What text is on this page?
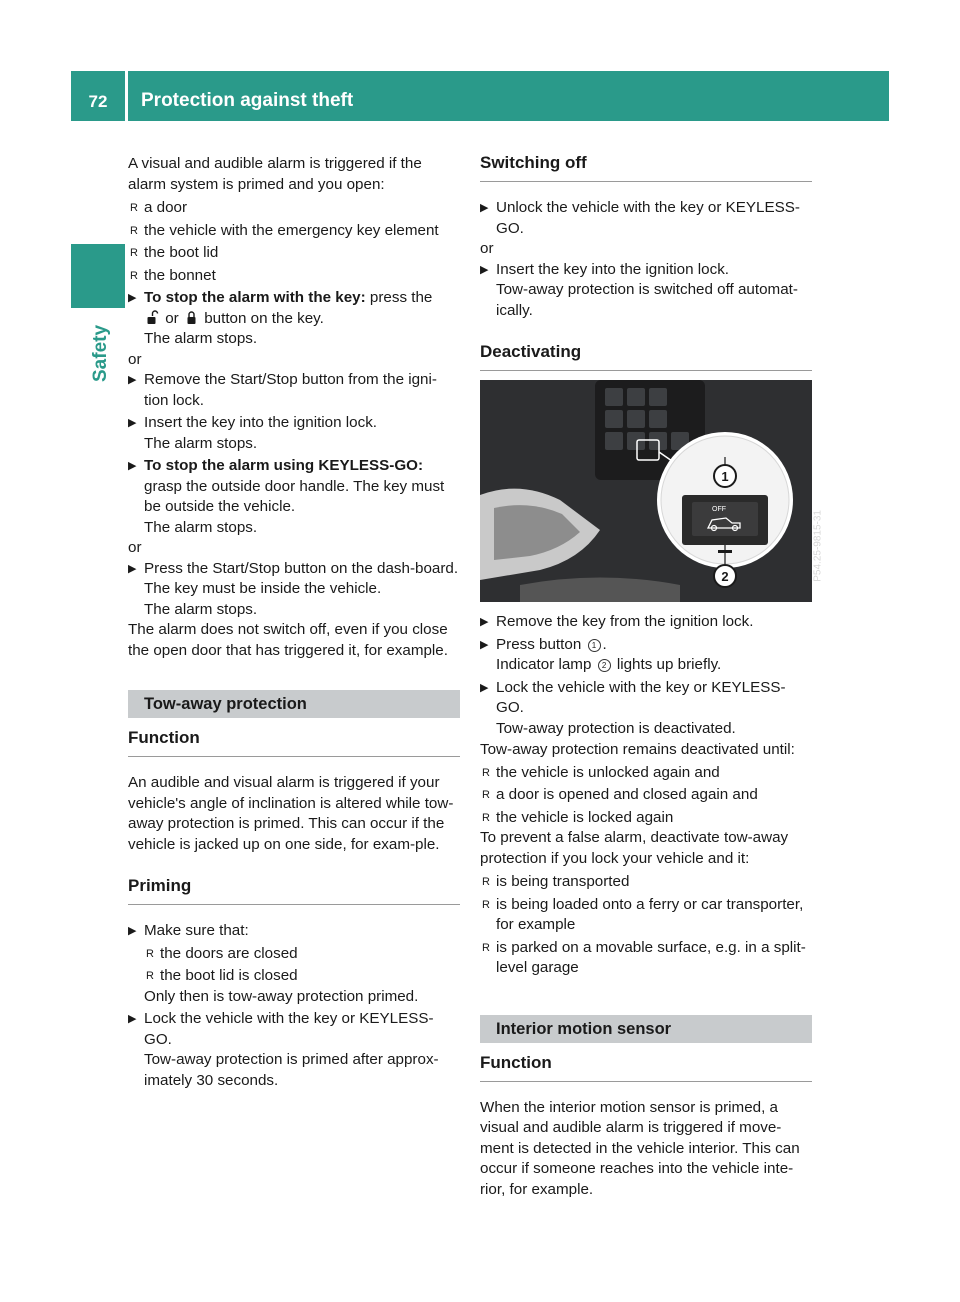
72	Protection against theft
Safety

A visual and audible alarm is triggered if the alarm system is primed and you open:

R a door
R the vehicle with the emergency key element
R the boot lid
R the bonnet
▶ To stop the alarm with the key: press the
or button on the key.
The alarm stops.

or

▶ Remove the Start/Stop button from the igni-tion lock.
▶ Insert the key into the ignition lock.
The alarm stops.
▶ To stop the alarm using KEYLESS-GO:
grasp the outside door handle. The key must be outside the vehicle.
The alarm stops.

or

▶ Press the Start/Stop button on the dash-board. The key must be inside the vehicle.
The alarm stops.

The alarm does not switch off, even if you close the open door that has triggered it, for example.

Tow-away protection
Function

An audible and visual alarm is triggered if your vehicle's angle of inclination is altered while tow-away protection is primed. This can occur if the vehicle is jacked up on one side, for exam-ple.

Priming
▶ Make sure that:
R the doors are closed
R the boot lid is closed
Only then is tow-away protection primed.
▶ Lock the vehicle with the key or KEYLESS-GO.
Tow-away protection is primed after approx-imately 30 seconds.
Switching off
▶ Unlock the vehicle with the key or KEYLESS-GO.

or

▶ Insert the key into the ignition lock.
Tow-away protection is switched off automat-ically.
Deactivating
OFF
1
2	P54.25-9815-31
▶ Remove the key from the ignition lock.
▶ Press button 1 .
Indicator lamp 2 lights up briefly.
▶ Lock the vehicle with the key or KEYLESS-GO.
Tow-away protection is deactivated.

Tow-away protection remains deactivated until:

R the vehicle is unlocked again and
R a door is opened and closed again and
R the vehicle is locked again

To prevent a false alarm, deactivate tow-away protection if you lock your vehicle and it:

R is being transported
R is being loaded onto a ferry or car transporter, for example
R is parked on a movable surface, e.g. in a split-level garage
Interior motion sensor
Function

When the interior motion sensor is primed, a visual and audible alarm is triggered if move-ment is detected in the vehicle interior. This can occur if someone reaches into the vehicle inte-rior, for example.
